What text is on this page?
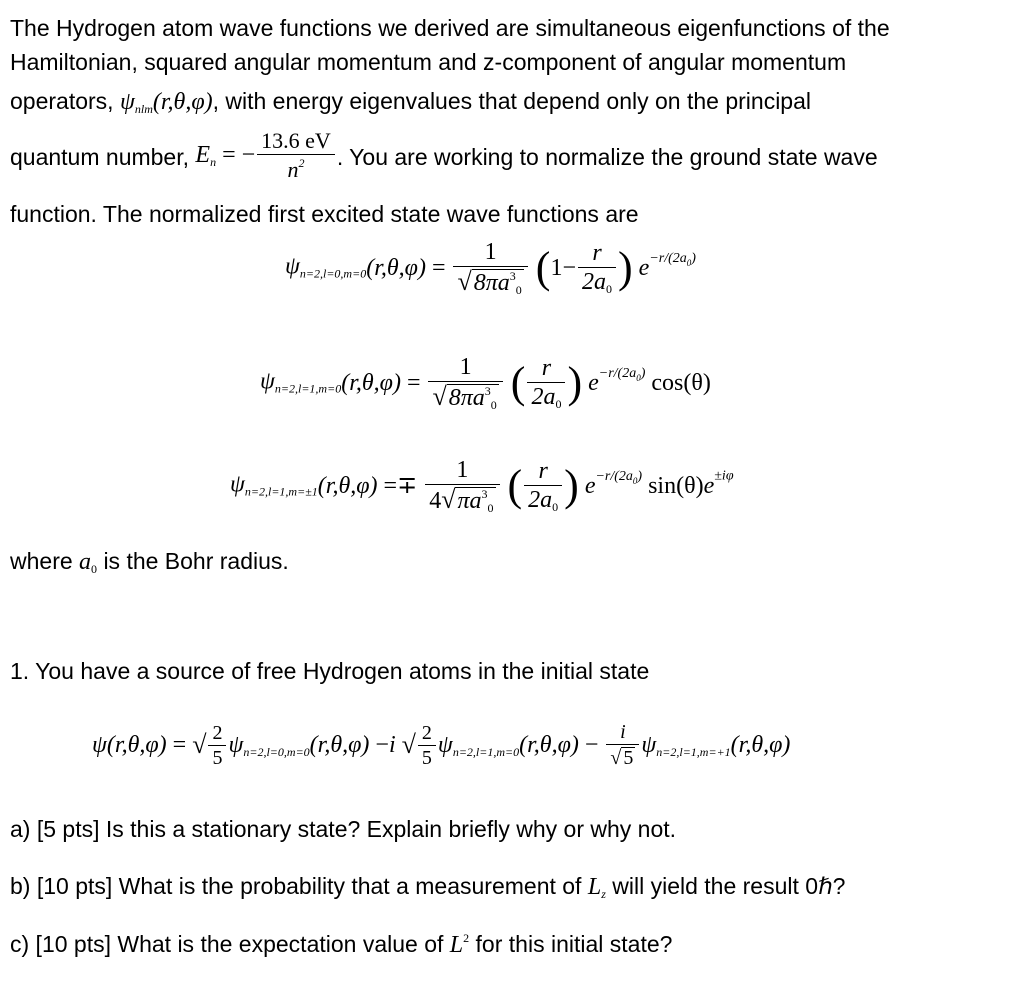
The Hydrogen atom wave functions we derived are simultaneous eigenfunctions of the
Hamiltonian, squared angular momentum and z-component of angular momentum
operators, $\psi_{nlm}(r,\theta,\varphi)$, with energy eigenvalues that depend only on the principal
quantum number, $E_n$ = − $\frac{13.6 eV}{n^2}$ . You are working to normalize the ground state wave
function. The normalized first excited state wave functions are
$\psi_{n=2,l=0,m=0}(r,\theta,\varphi) = \frac{1}{√8\pi a^3_0} (1- \frac{r}{2a_0}$ ) $e^{-r/(2a_0)}$
$\psi_{n=2,l=1,m=0}(r,\theta,\varphi) = \frac{1}{√8\pi a^3_0}$ ( $\frac{r}{2a_0}$ ) $e^{-r/(2a_0)}$ cos(θ)
$\psi_{n=2,l=1,m=\pm 1}(r,\theta,\varphi) =\mp \frac{1}{4√\pi a^3_0}$ ( $\frac{r}{2a_0}$ ) $e^{-r/(2a_0)}$ $\sin(\theta)e^{\pm i\varphi}$
where $a_0$ is the Bohr radius.
1. You have a source of free Hydrogen atoms in the initial state
ψ(r,θ,φ) = √ $\frac{2}{5} \psi_{n=2,l=0,m=0}(r,\theta,\varphi) -i$ √ $\frac{2}{5} \psi_{n=2,l=1,m=0}(r,\theta,\varphi) - \frac{i}{√ 5} \psi_{n=2,l=1,m=+1}(r,\theta,\varphi)$
a) [5 pts] Is this a stationary state? Explain briefly why or why not.
b) [10 pts] What is the probability that a measurement of $L_z$ will yield the result 0ℏ?
c) [10 pts] What is the expectation value of $L^2$ for this initial state?
